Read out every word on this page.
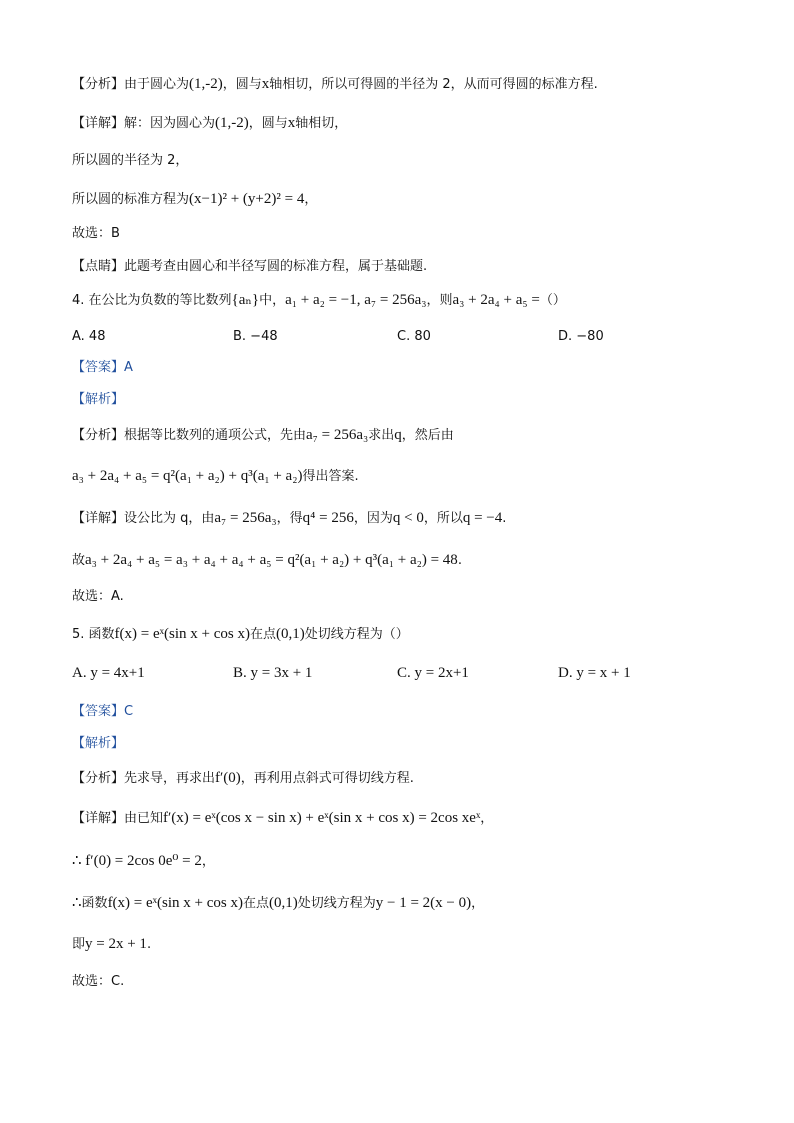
【分析】由于圆心为(1,-2)，圆与x轴相切，所以可得圆的半径为 2，从而可得圆的标准方程.
【详解】解：因为圆心为(1,-2)，圆与x轴相切，
所以圆的半径为 2，
所以圆的标准方程为(x−1)² + (y+2)² = 4，
故选：B
【点睛】此题考查由圆心和半径写圆的标准方程，属于基础题.
4. 在公比为负数的等比数列{aₙ}中，a₁ + a₂ = −1, a₇ = 256a₃，则a₃ + 2a₄ + a₅ =（）
【答案】A
【解析】
【分析】根据等比数列的通项公式，先由a₇ = 256a₃求出q，然后由
a₃ + 2a₄ + a₅ = q²(a₁ + a₂) + q³(a₁ + a₂)得出答案.
【详解】设公比为 q，由a₇ = 256a₃，得q⁴ = 256，因为q < 0，所以q = −4.
故a₃ + 2a₄ + a₅ = a₃ + a₄ + a₄ + a₅ = q²(a₁ + a₂) + q³(a₁ + a₂) = 48.
故选：A.
5. 函数f(x) = eˣ(sin x + cos x)在点(0,1)处切线方程为（）
【答案】C
【解析】
【分析】先求导，再求出f′(0)，再利用点斜式可得切线方程.
【详解】由已知f′(x) = eˣ(cos x − sin x) + eˣ(sin x + cos x) = 2cos xeˣ，
∴ f′(0) = 2cos 0e⁰ = 2，
∴函数f(x) = eˣ(sin x + cos x)在点(0,1)处切线方程为y − 1 = 2(x − 0)，
即y = 2x + 1.
故选：C.
A. 48	B. −48	C. 80	D. −80
A. y = 4x+1	B. y = 3x + 1	C. y = 2x+1	D. y = x + 1
